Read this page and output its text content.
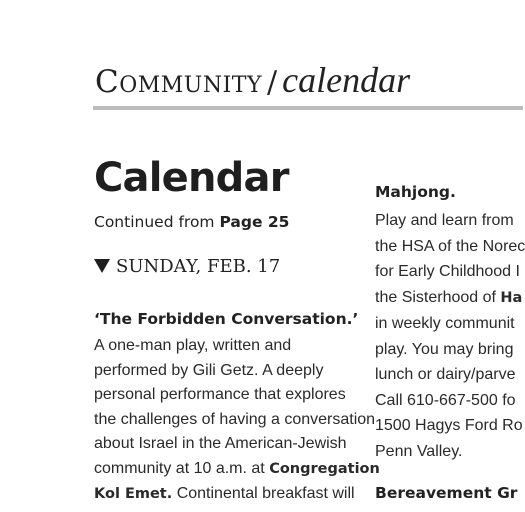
Community / calendar
Calendar
Continued from Page 25
SUNDAY, FEB. 17
‘The Forbidden Conversation.’
A one-man play, written and
performed by Gili Getz. A deeply
personal performance that explores
the challenges of having a conversation
about Israel in the American-Jewish
community at 10 a.m. at Congregation
Kol Emet. Continental breakfast will
Mahjong.
Play and learn from
the HSA of the Norec
for Early Childhood I
the Sisterhood of Ha
in weekly communit
play. You may bring
lunch or dairy/parve
Call 610-667-500 fo
1500 Hagys Ford Ro
Penn Valley.
Bereavement Gr
